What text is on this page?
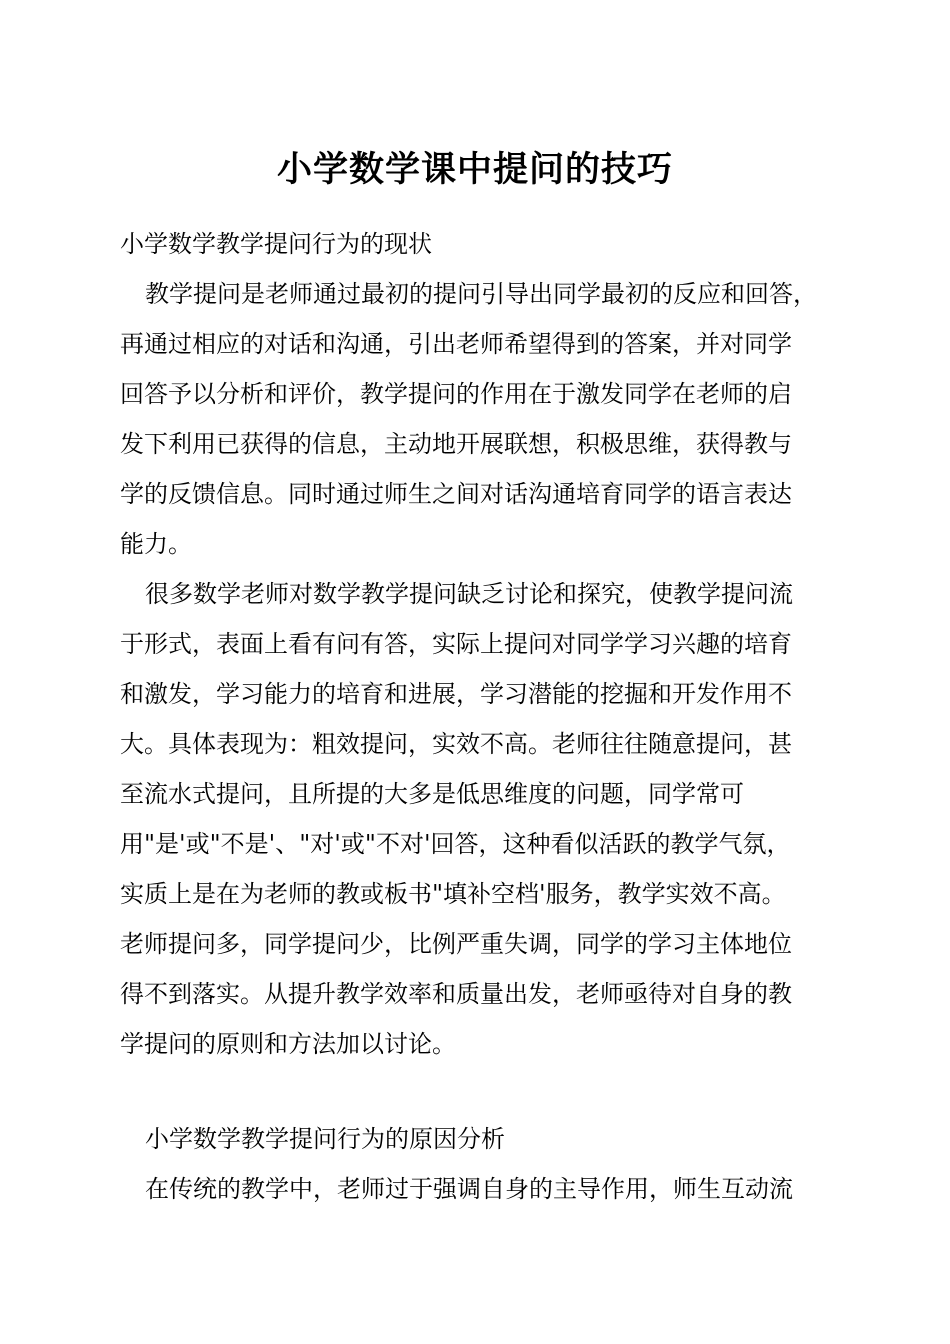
小学数学课中提问的技巧
小学数学教学提问行为的现状
教学提问是老师通过最初的提问引导出同学最初的反应和回答，
再通过相应的对话和沟通，引出老师希望得到的答案，并对同学
回答予以分析和评价，教学提问的作用在于激发同学在老师的启
发下利用已获得的信息，主动地开展联想，积极思维，获得教与
学的反馈信息。同时通过师生之间对话沟通培育同学的语言表达
能力。
很多数学老师对数学教学提问缺乏讨论和探究，使教学提问流
于形式，表面上看有问有答，实际上提问对同学学习兴趣的培育
和激发，学习能力的培育和进展，学习潜能的挖掘和开发作用不
大。具体表现为：粗效提问，实效不高。老师往往随意提问，甚
至流水式提问，且所提的大多是低思维度的问题，同学常可
用"是'或"不是'、"对'或"不对'回答，这种看似活跃的教学气氛，
实质上是在为老师的教或板书"填补空档'服务，教学实效不高。
老师提问多，同学提问少，比例严重失调，同学的学习主体地位
得不到落实。从提升教学效率和质量出发，老师亟待对自身的教
学提问的原则和方法加以讨论。
小学数学教学提问行为的原因分析
在传统的教学中，老师过于强调自身的主导作用，师生互动流
